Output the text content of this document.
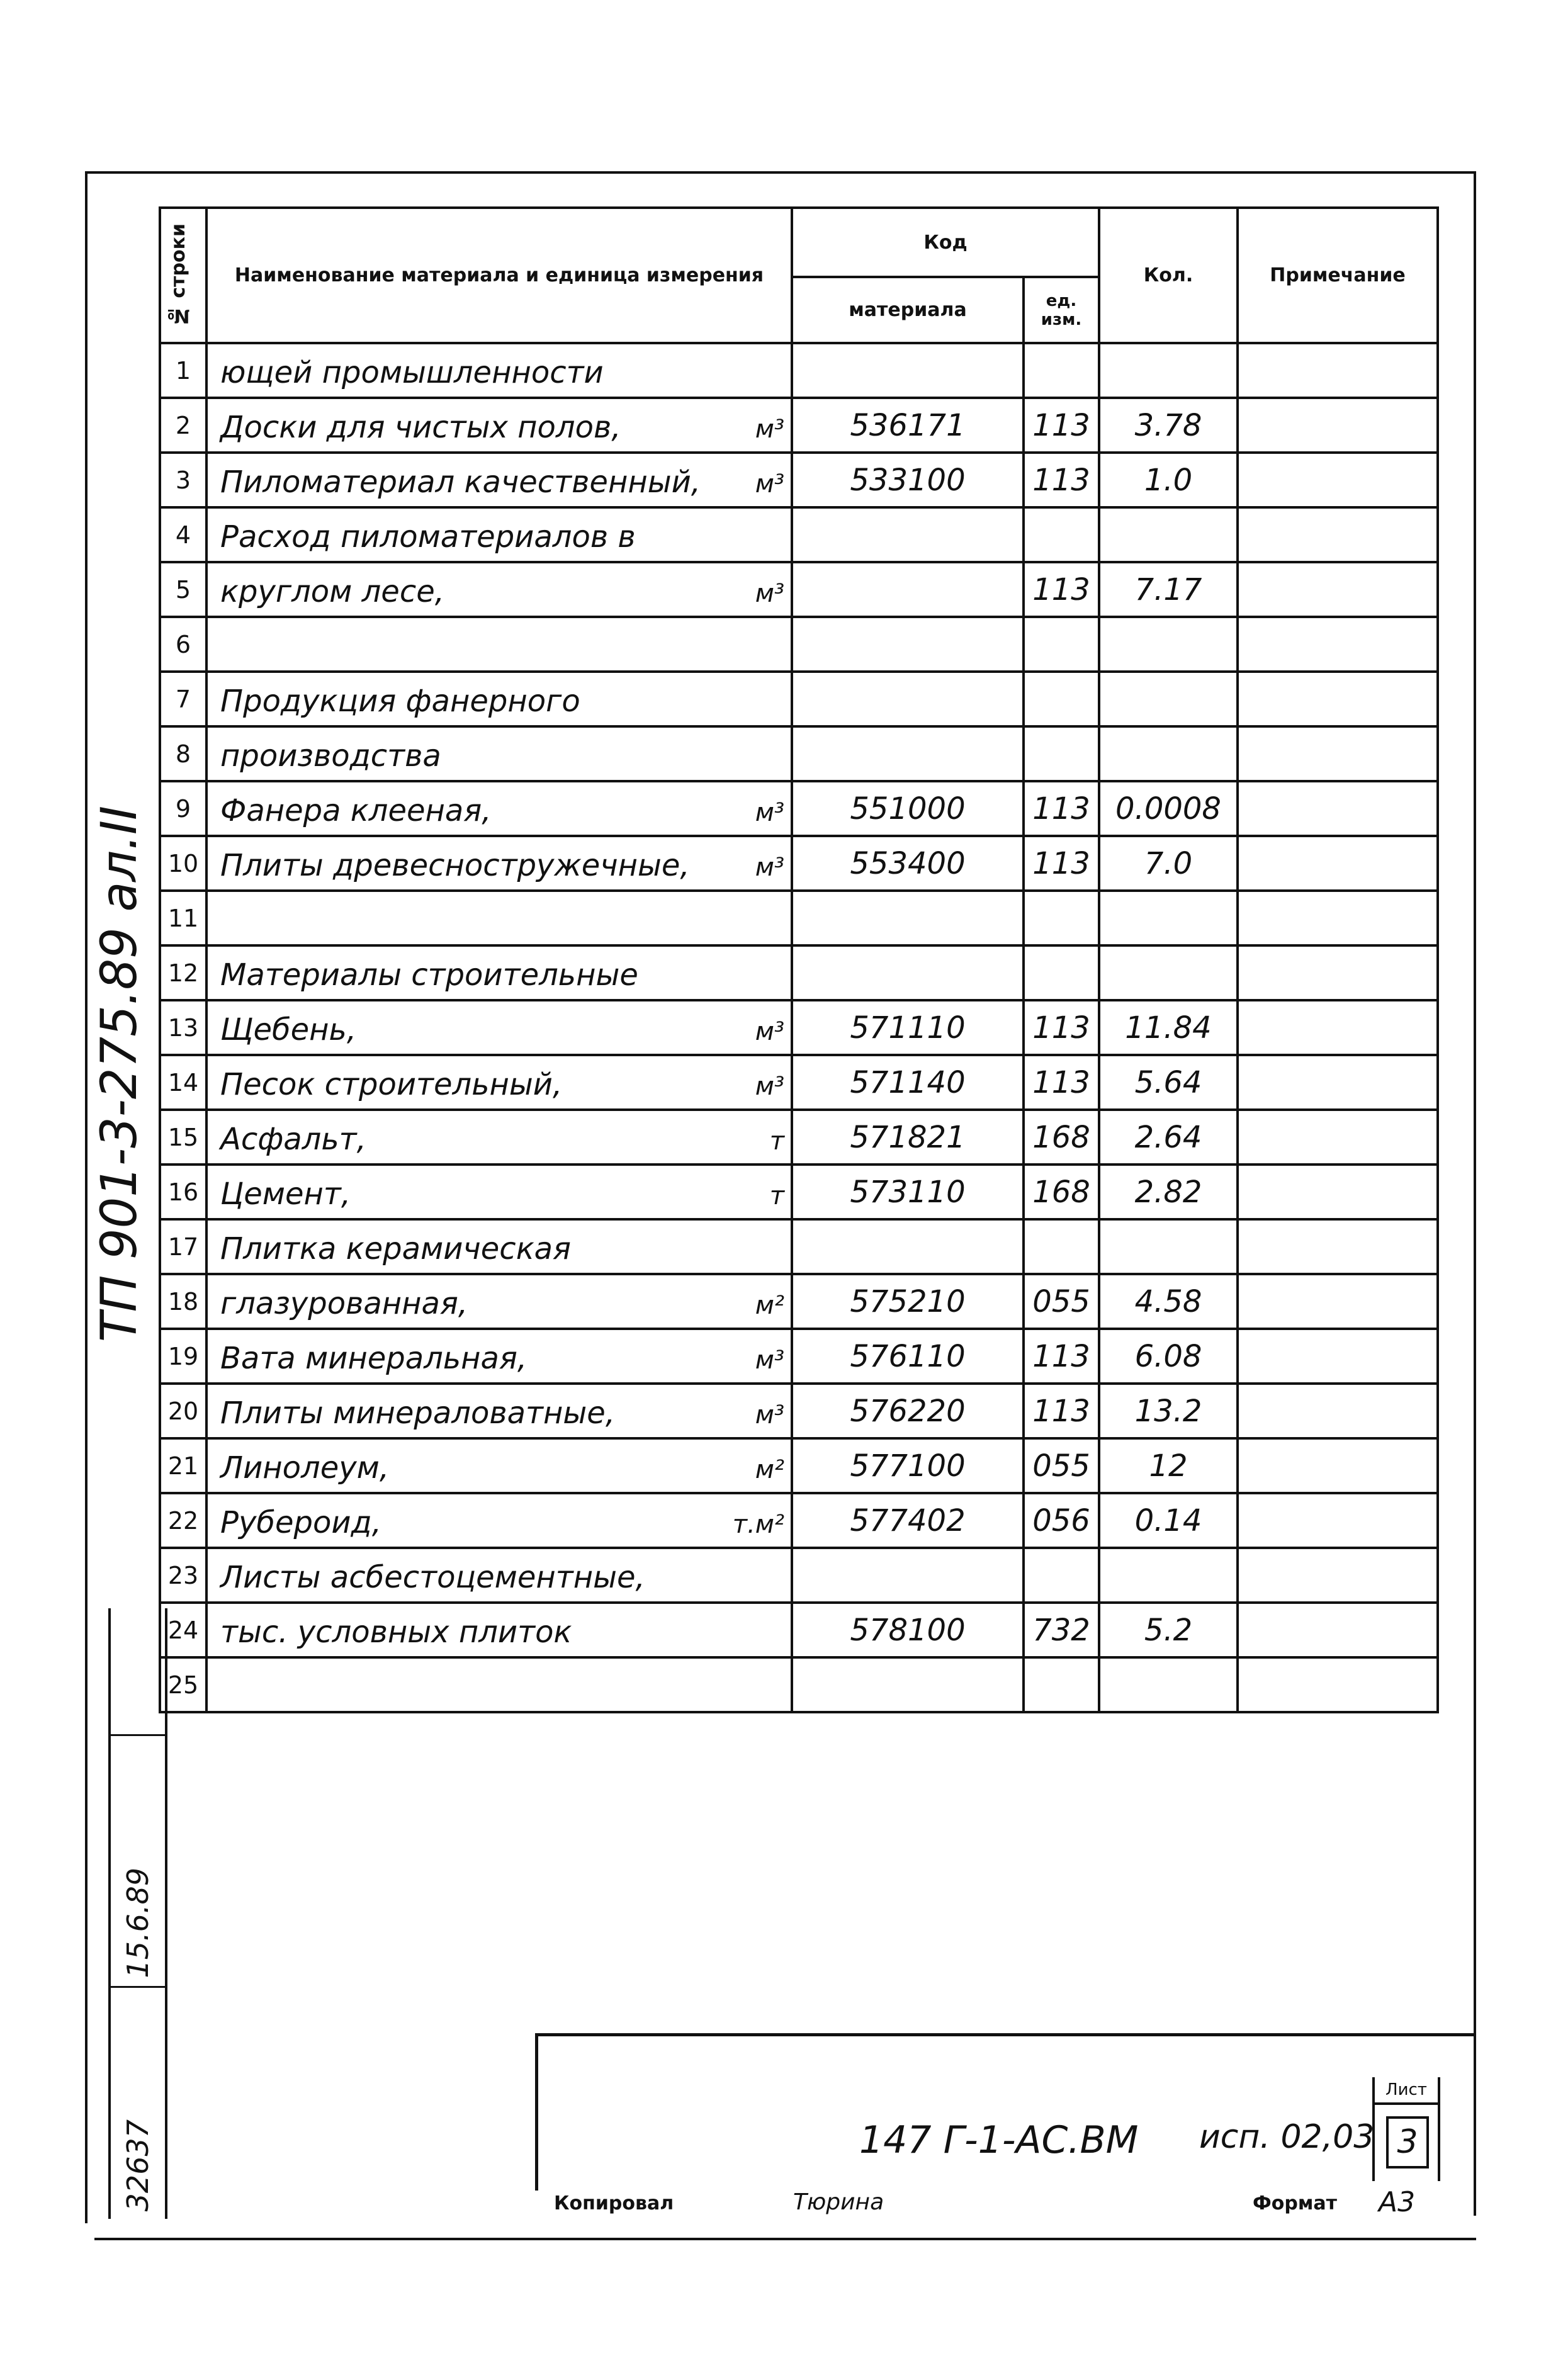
№ строки	Наименование материала и единица измерения	Код		Кол.	Примечание
		материала	ед. изм.		
1	ющей промышленности				

2	Доски для чистых полов, м³	536171	113	3.78	
3	Пиломатериал качественный, м³	533100	113	1.0	
4	Расход пиломатериалов в				

5	круглом лесе, м³		113	7.17	
6	

7	Продукция фанерного				

8	производства				

9	Фанера клееная, м³	551000	113	0.0008	
10	Плиты древесностружечные, м³	553400	113	7.0	
11	

12	Материалы строительные				

13	Щебень, м³	571110	113	11.84	
14	Песок строительный, м³	571140	113	5.64	
15	Асфальт, т	571821	168	2.64	
16	Цемент, т	573110	168	2.82	
17	Плитка керамическая				

18	глазурованная, м²	575210	055	4.58	
19	Вата минеральная, м³	576110	113	6.08	
20	Плиты минераловатные, м³	576220	113	13.2	
21	Линолеум, м²	577100	055	12	
22	Рубероид, т.м²	577402	056	0.14	
23	Листы асбестоцементные,				

24	тыс. условных плиток	578100	732	5.2	
25	

ТП 901-3-275.89 ал.II
15.6.89
32637	147 Г-1-АС.ВМ исп. 02,03
Лист
3
Копировал	Тюрина	Формат А3
